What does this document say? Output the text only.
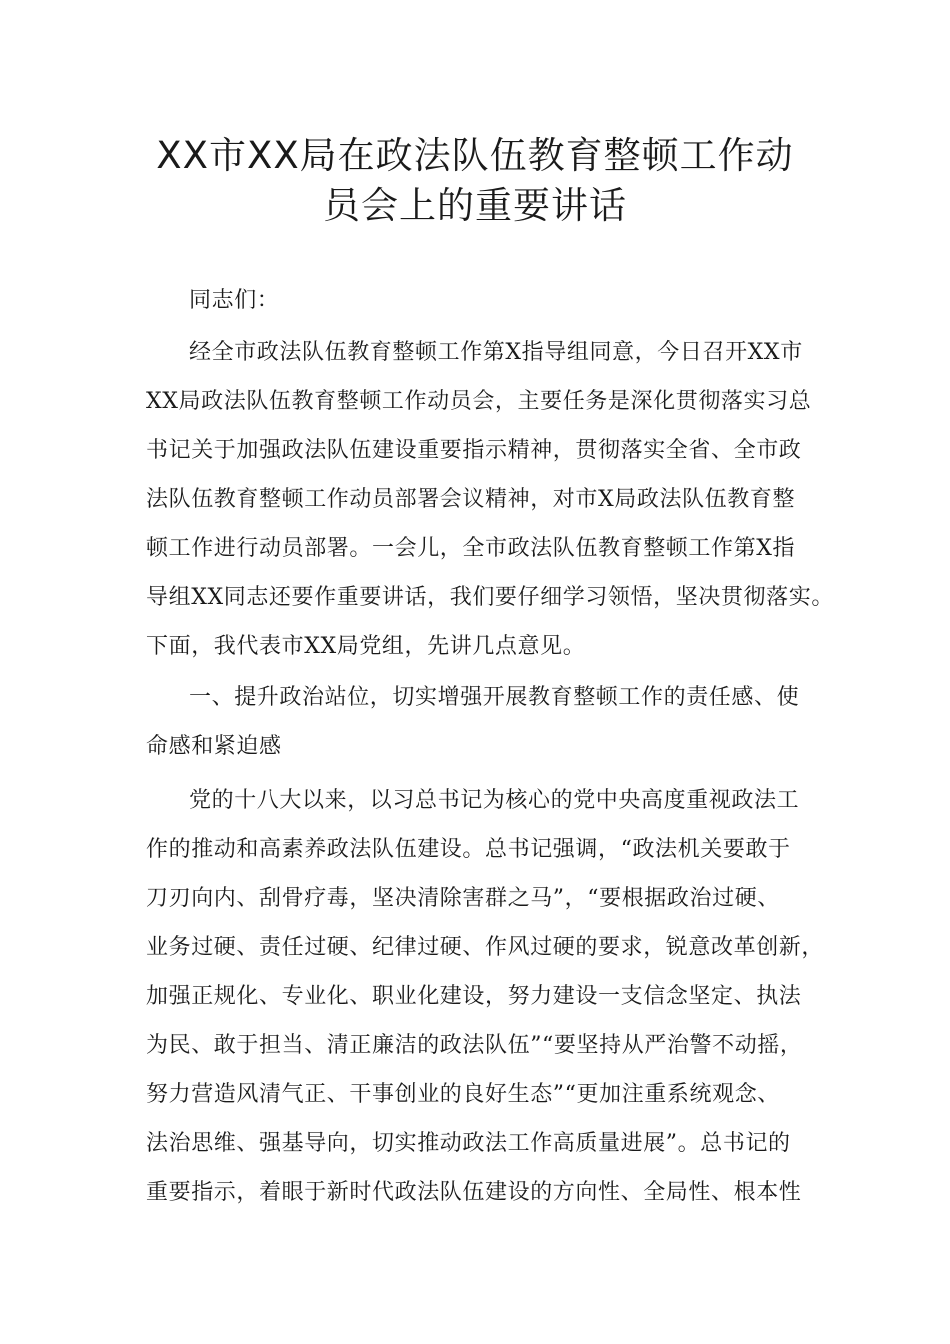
XX市XX局在政法队伍教育整顿工作动
员会上的重要讲话
同志们：
经全市政法队伍教育整顿工作第X指导组同意，今日召开XX市
XX局政法队伍教育整顿工作动员会，主要任务是深化贯彻落实习总
书记关于加强政法队伍建设重要指示精神，贯彻落实全省、全市政
法队伍教育整顿工作动员部署会议精神，对市X局政法队伍教育整
顿工作进行动员部署。一会儿，全市政法队伍教育整顿工作第X指
导组XX同志还要作重要讲话，我们要仔细学习领悟，坚决贯彻落实。
下面，我代表市XX局党组，先讲几点意见。
一、提升政治站位，切实增强开展教育整顿工作的责任感、使
命感和紧迫感
党的十八大以来，以习总书记为核心的党中央高度重视政法工
作的推动和高素养政法队伍建设。总书记强调，“政法机关要敢于
刀刃向内、刮骨疗毒，坚决清除害群之马”，“要根据政治过硬、
业务过硬、责任过硬、纪律过硬、作风过硬的要求，锐意改革创新，
加强正规化、专业化、职业化建设，努力建设一支信念坚定、执法
为民、敢于担当、清正廉洁的政法队伍”“要坚持从严治警不动摇，
努力营造风清气正、干事创业的良好生态”“更加注重系统观念、
法治思维、强基导向，切实推动政法工作高质量进展”。总书记的
重要指示，着眼于新时代政法队伍建设的方向性、全局性、根本性
